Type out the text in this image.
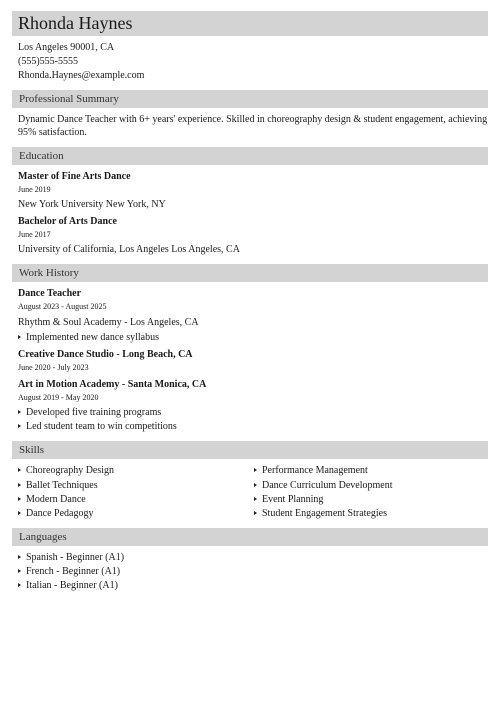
Rhonda Haynes
Los Angeles 90001, CA
(555)555-5555
Rhonda.Haynes@example.com
Professional Summary
Dynamic Dance Teacher with 6+ years' experience. Skilled in choreography design & student engagement, achieving 95% satisfaction.
Education
Master of Fine Arts Dance
June 2019
New York University New York, NY
Bachelor of Arts Dance
June 2017
University of California, Los Angeles Los Angeles, CA
Work History
Dance Teacher
August 2023 - August 2025
Rhythm & Soul Academy - Los Angeles, CA
Implemented new dance syllabus
Creative Dance Studio - Long Beach, CA
June 2020 - July 2023
Art in Motion Academy - Santa Monica, CA
August 2019 - May 2020
Developed five training programs
Led student team to win competitions
Skills
Choreography Design
Ballet Techniques
Modern Dance
Dance Pedagogy
Performance Management
Dance Curriculum Development
Event Planning
Student Engagement Strategies
Languages
Spanish - Beginner (A1)
French - Beginner (A1)
Italian - Beginner (A1)
